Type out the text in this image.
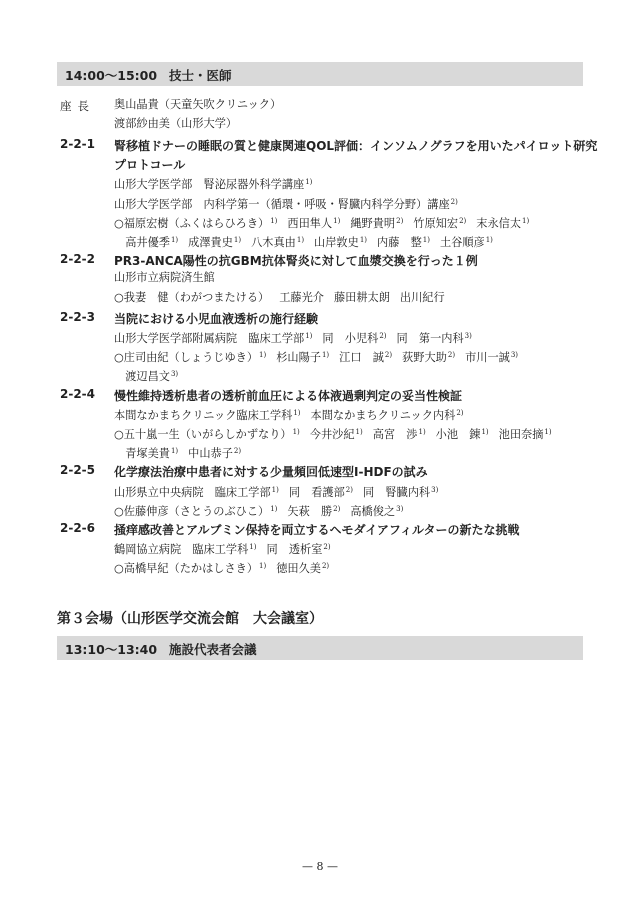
14:00〜15:00 技士・医師
座長 奥山晶貴（天童矢吹クリニック）
渡部紗由美（山形大学）
2-2-1 腎移植ドナーの睡眠の質と健康関連QOL評価：インソムノグラフを用いたパイロット研究
プロトコール
山形大学医学部　腎泌尿器外科学講座$^{1)}$
山形大学医学部　内科学第一（循環・呼吸・腎臓内科学分野）講座$^{2)}$
○福原宏樹（ふくはらひろき）$^{1)}$ 西田隼人$^{1)}$ 縄野貴明$^{2)}$ 竹原知宏$^{2)}$ 末永信太$^{1)}$
　高井優季$^{1)}$ 成澤貴史$^{1)}$ 八木真由$^{1)}$ 山岸敦史$^{1)}$ 内藤　整$^{1)}$ 土谷順彦$^{1)}$
2-2-2 PR3-ANCA陽性の抗GBM抗体腎炎に対して血漿交換を行った１例
山形市立病院済生館
○我妻　健（わがつまたける） 工藤光介 藤田耕太朗 出川紀行
2-2-3 当院における小児血液透析の施行経験
山形大学医学部附属病院　臨床工学部$^{1)}$ 同　小児科$^{2)}$ 同　第一内科$^{3)}$
○庄司由紀（しょうじゆき）$^{1)}$ 杉山陽子$^{1)}$ 江口　誠$^{2)}$ 荻野大助$^{2)}$ 市川一誠$^{3)}$
　渡辺昌文$^{3)}$
2-2-4 慢性維持透析患者の透析前血圧による体液過剰判定の妥当性検証
本間なかまちクリニック臨床工学科$^{1)}$ 本間なかまちクリニック内科$^{2)}$
○五十嵐一生（いがらしかずなり）$^{1)}$ 今井沙紀$^{1)}$ 高宮　渉$^{1)}$ 小池　錬$^{1)}$ 池田奈摘$^{1)}$
　青塚美貴$^{1)}$ 中山恭子$^{2)}$
2-2-5 化学療法治療中患者に対する少量頻回低速型I-HDFの試み
山形県立中央病院　臨床工学部$^{1)}$ 同　看護部$^{2)}$ 同　腎臓内科$^{3)}$
○佐藤伸彦（さとうのぶひこ）$^{1)}$ 矢萩　勝$^{2)}$ 高橋俊之$^{3)}$
2-2-6 掻痒感改善とアルブミン保持を両立するヘモダイアフィルターの新たな挑戦
鶴岡協立病院　臨床工学科$^{1)}$ 同　透析室$^{2)}$
○高橋早紀（たかはしさき）$^{1)}$ 徳田久美$^{2)}$
第３会場（山形医学交流会館　大会議室）
13:10〜13:40 施設代表者会議
— 8 —
